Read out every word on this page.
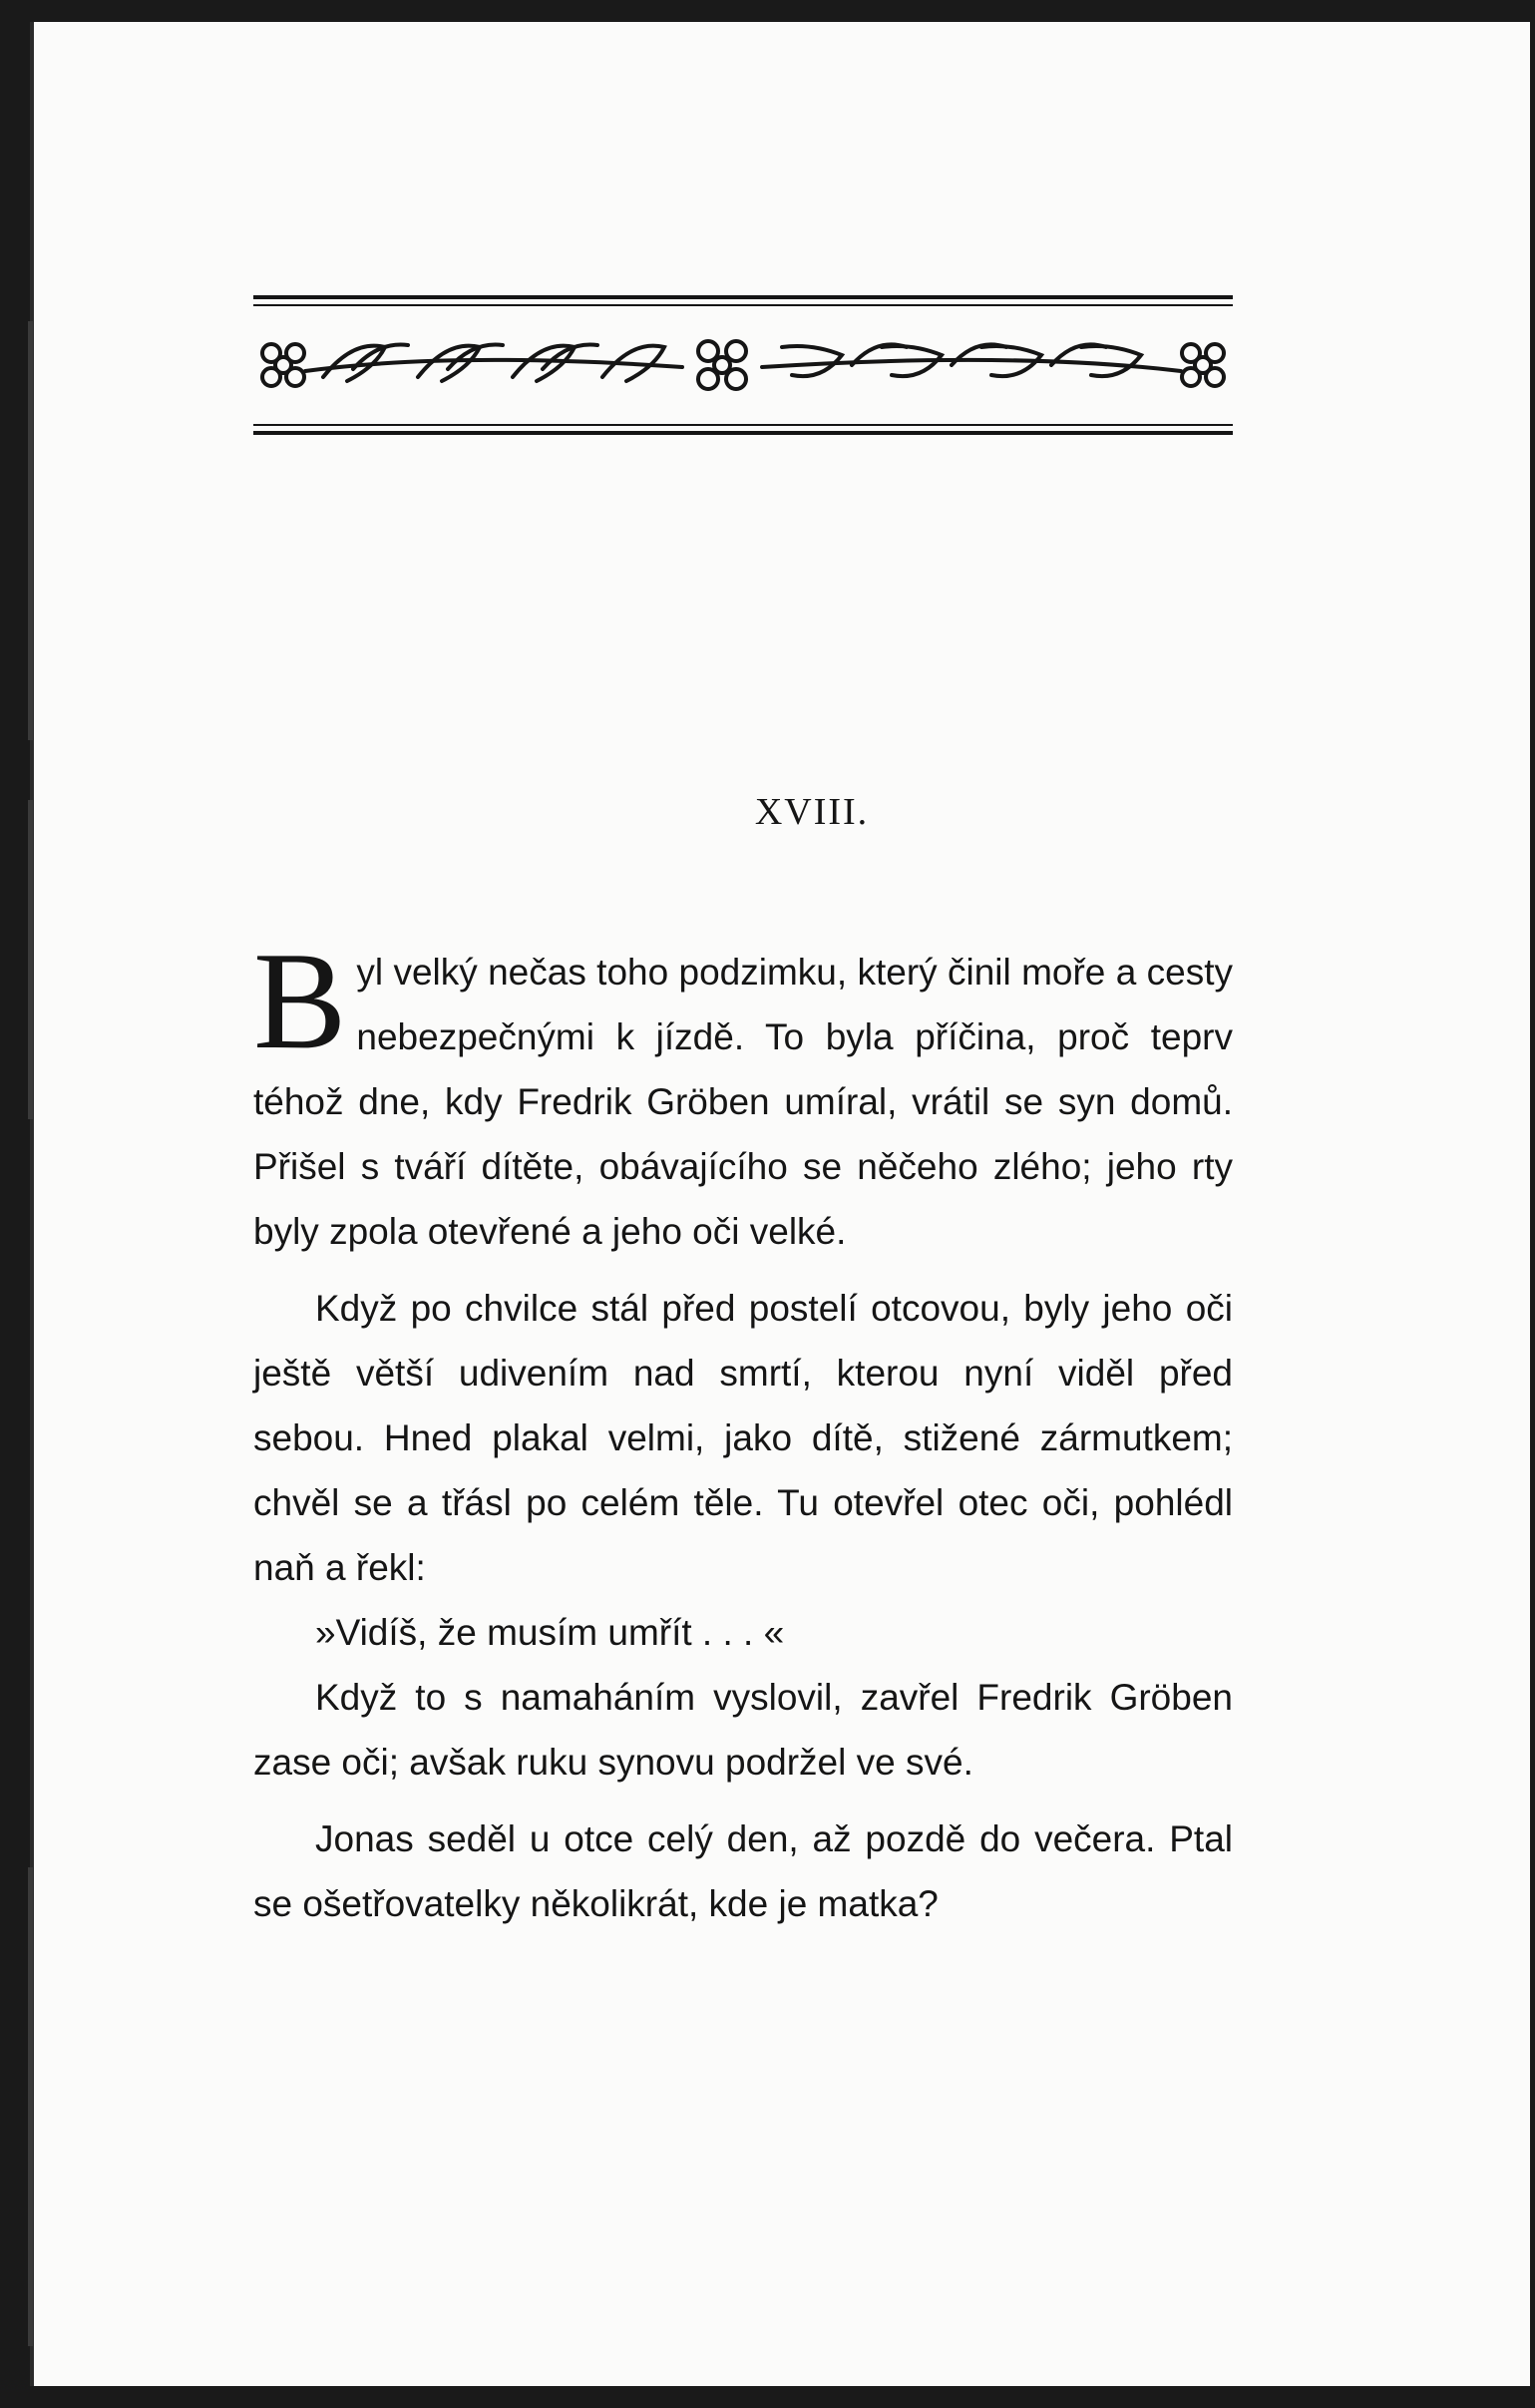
XVIII.

Byl velký nečas toho podzimku, který činil moře a cesty nebezpečnými k jízdě. To byla příčina, proč teprv téhož dne, kdy Fredrik Gröben umíral, vrátil se syn domů. Přišel s tváří dítěte, obávajícího se něčeho zlého; jeho rty byly zpola otevřené a jeho oči velké.

Když po chvilce stál před postelí otcovou, byly jeho oči ještě větší udivením nad smrtí, kterou nyní viděl před sebou. Hned plakal velmi, jako dítě, stižené zármutkem; chvěl se a třásl po celém těle. Tu otevřel otec oči, pohlédl naň a řekl:

»Vidíš, že musím umřít . . . «

Když to s namaháním vyslovil, zavřel Fredrik Gröben zase oči; avšak ruku synovu podržel ve své.

Jonas seděl u otce celý den, až pozdě do večera. Ptal se ošetřovatelky několikrát, kde je matka?
